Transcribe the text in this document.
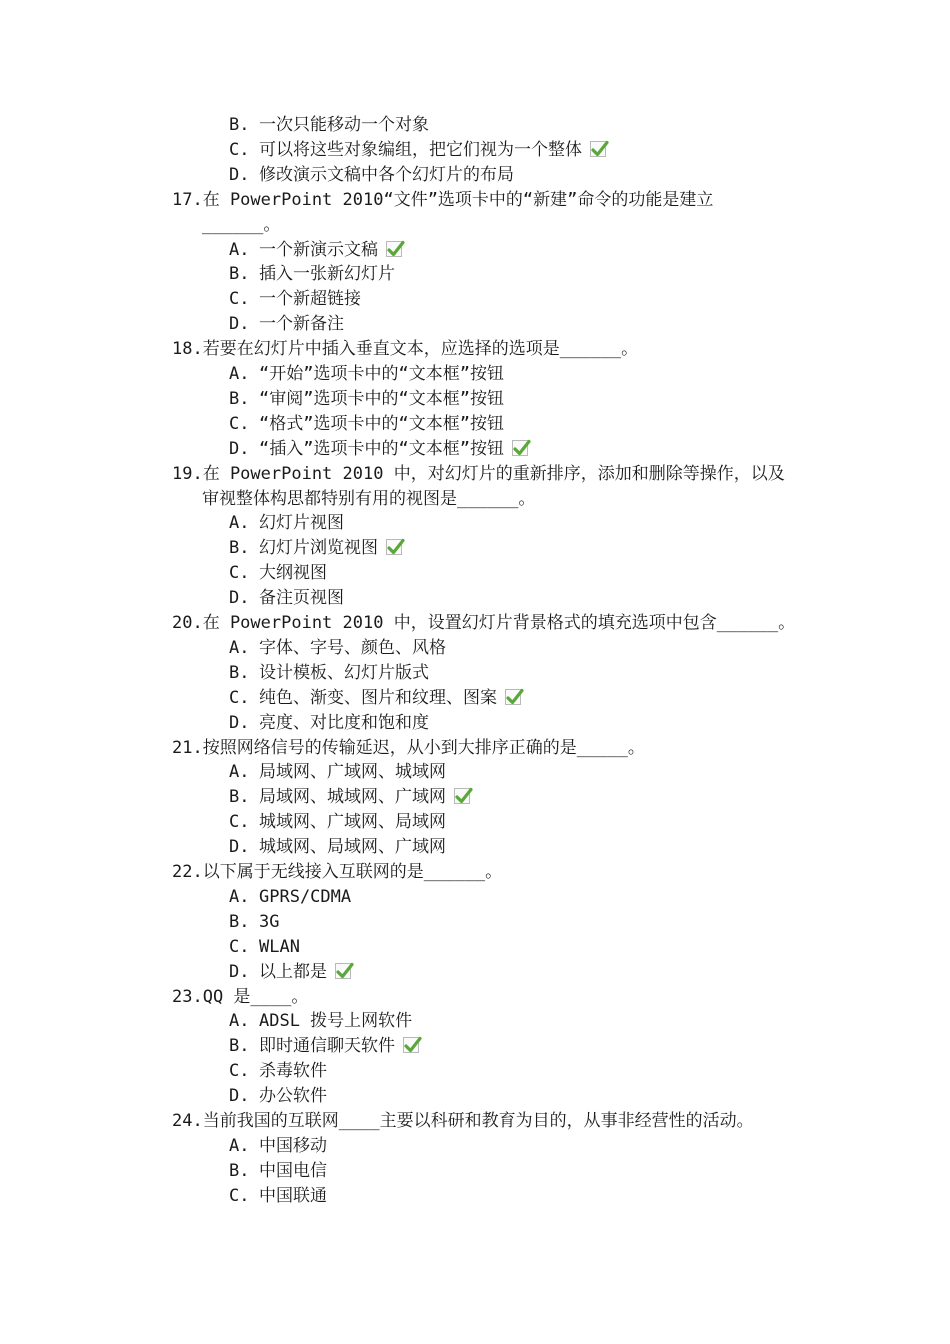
B. 一次只能移动一个对象
C. 可以将这些对象编组，把它们视为一个整体
D. 修改演示文稿中各个幻灯片的布局
17.在 PowerPoint 2010“文件”选项卡中的“新建”命令的功能是建立
______。
A. 一个新演示文稿
B. 插入一张新幻灯片
C. 一个新超链接
D. 一个新备注
18.若要在幻灯片中插入垂直文本，应选择的选项是______。
A. “开始”选项卡中的“文本框”按钮
B. “审阅”选项卡中的“文本框”按钮
C. “格式”选项卡中的“文本框”按钮
D. “插入”选项卡中的“文本框”按钮
19.在 PowerPoint 2010 中，对幻灯片的重新排序，添加和删除等操作，以及
审视整体构思都特别有用的视图是______。
A. 幻灯片视图
B. 幻灯片浏览视图
C. 大纲视图
D. 备注页视图
20.在 PowerPoint 2010 中，设置幻灯片背景格式的填充选项中包含______。
A. 字体、字号、颜色、风格
B. 设计模板、幻灯片版式
C. 纯色、渐变、图片和纹理、图案
D. 亮度、对比度和饱和度
21.按照网络信号的传输延迟，从小到大排序正确的是_____。
A. 局域网、广域网、城域网
B. 局域网、城域网、广域网
C. 城域网、广域网、局域网
D. 城域网、局域网、广域网
22.以下属于无线接入互联网的是______。
A. GPRS/CDMA
B. 3G
C. WLAN
D. 以上都是
23.QQ 是____。
A. ADSL 拨号上网软件
B. 即时通信聊天软件
C. 杀毒软件
D. 办公软件
24.当前我国的互联网____主要以科研和教育为目的，从事非经营性的活动。
A. 中国移动
B. 中国电信
C. 中国联通
